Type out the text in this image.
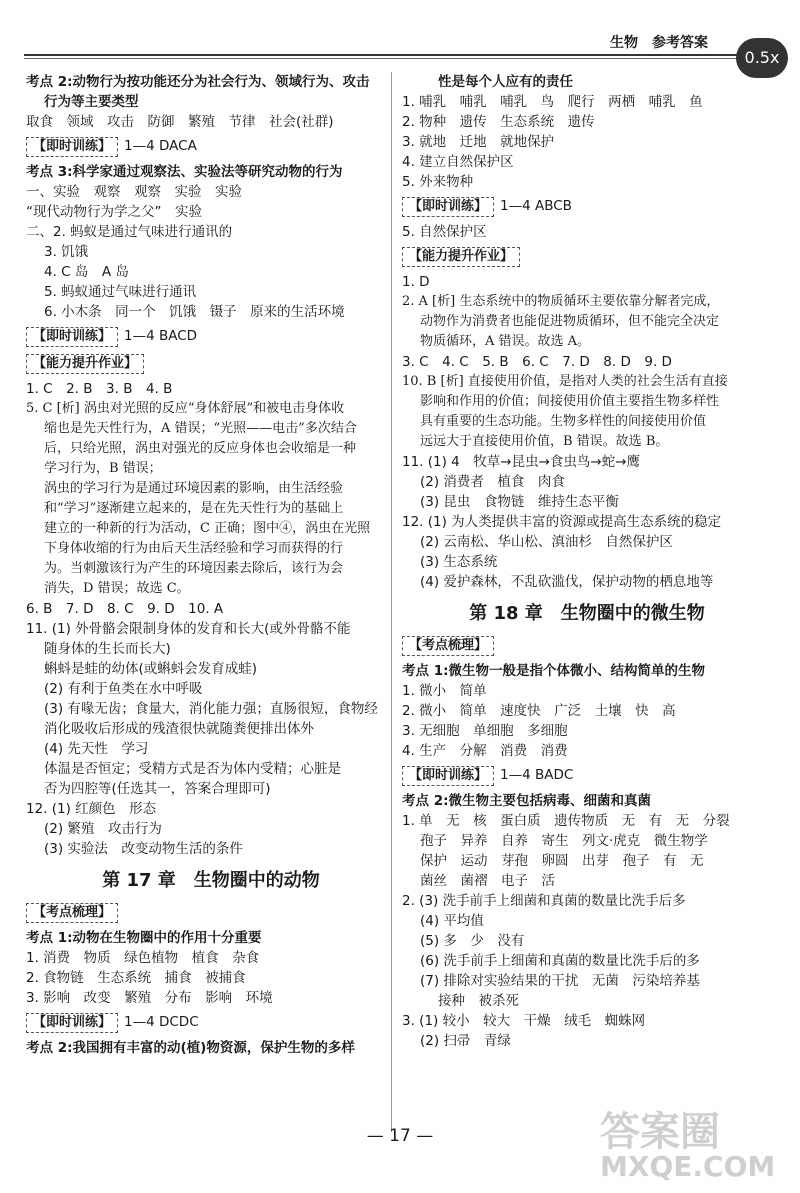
生物　参考答案
0.5x
考点 2:动物行为按功能还分为社会行为、领域行为、攻击
行为等主要类型
取食　领域　攻击　防御　繁殖　节律　社会(社群)
【即时训练】 1—4 DACA
考点 3:科学家通过观察法、实验法等研究动物的行为
一、实验　观察　观察　实验　实验
“现代动物行为学之父”　实验
二、2. 蚂蚁是通过气味进行通讯的
3. 饥饿
4. C 岛　A 岛
5. 蚂蚁通过气味进行通讯
6. 小木条　同一个　饥饿　镊子　原来的生活环境
【即时训练】 1—4 BACD
【能力提升作业】
1. C　2. B　3. B　4. B
5. C [析] 涡虫对光照的反应“身体舒展”和被电击身体收
缩也是先天性行为，A 错误；“光照——电击”多次结合
后，只给光照，涡虫对强光的反应身体也会收缩是一种
学习行为，B 错误；
涡虫的学习行为是通过环境因素的影响，由生活经验
和“学习”逐渐建立起来的，是在先天性行为的基础上
建立的一种新的行为活动，C 正确；图中④，涡虫在光照
下身体收缩的行为由后天生活经验和学习而获得的行
为。当刺激该行为产生的环境因素去除后，该行为会
消失，D 错误；故选 C。
6. B　7. D　8. C　9. D　10. A
11. (1) 外骨骼会限制身体的发育和长大(或外骨骼不能
随身体的生长而长大)
蝌蚪是蛙的幼体(或蝌蚪会发育成蛙)
(2) 有利于鱼类在水中呼吸
(3) 有喙无齿；食量大，消化能力强；直肠很短，食物经
消化吸收后形成的残渣很快就随粪便排出体外
(4) 先天性　学习
体温是否恒定；受精方式是否为体内受精；心脏是
否为四腔等(任选其一，答案合理即可)
12. (1) 红颜色　形态
(2) 繁殖　攻击行为
(3) 实验法　改变动物生活的条件
第 17 章　生物圈中的动物
【考点梳理】
考点 1:动物在生物圈中的作用十分重要
1. 消费　物质　绿色植物　植食　杂食
2. 食物链　生态系统　捕食　被捕食
3. 影响　改变　繁殖　分布　影响　环境
【即时训练】 1—4 DCDC
考点 2:我国拥有丰富的动(植)物资源，保护生物的多样
性是每个人应有的责任
1. 哺乳　哺乳　哺乳　鸟　爬行　两栖　哺乳　鱼
2. 物种　遗传　生态系统　遗传
3. 就地　迁地　就地保护
4. 建立自然保护区
5. 外来物种
【即时训练】 1—4 ABCB
5. 自然保护区
【能力提升作业】
1. D
2. A [析] 生态系统中的物质循环主要依靠分解者完成，
动物作为消费者也能促进物质循环，但不能完全决定
物质循环，A 错误。故选 A。
3. C　4. C　5. B　6. C　7. D　8. D　9. D
10. B [析] 直接使用价值，是指对人类的社会生活有直接
影响和作用的价值；间接使用价值主要指生物多样性
具有重要的生态功能。生物多样性的间接使用价值
远远大于直接使用价值，B 错误。故选 B。
11. (1) 4　牧草→昆虫→食虫鸟→蛇→鹰
(2) 消费者　植食　肉食
(3) 昆虫　食物链　维持生态平衡
12. (1) 为人类提供丰富的资源或提高生态系统的稳定
(2) 云南松、华山松、滇油杉　自然保护区
(3) 生态系统
(4) 爱护森林，不乱砍滥伐，保护动物的栖息地等
第 18 章　生物圈中的微生物
【考点梳理】
考点 1:微生物一般是指个体微小、结构简单的生物
1. 微小　简单
2. 微小　简单　速度快　广泛　土壤　快　高
3. 无细胞　单细胞　多细胞
4. 生产　分解　消费　消费
【即时训练】 1—4 BADC
考点 2:微生物主要包括病毒、细菌和真菌
1. 单　无　核　蛋白质　遗传物质　无　有　无　分裂
孢子　异养　自养　寄生　列文·虎克　微生物学
保护　运动　芽孢　卵圆　出芽　孢子　有　无
菌丝　菌褶　电子　活
2. (3) 洗手前手上细菌和真菌的数量比洗手后多
(4) 平均值
(5) 多　少　没有
(6) 洗手前手上细菌和真菌的数量比洗手后的多
(7) 排除对实验结果的干扰　无菌　污染培养基
接种　被杀死
3. (1) 较小　较大　干燥　绒毛　蜘蛛网
(2) 扫帚　青绿
— 17 —	答案圈
MXQE.COM
